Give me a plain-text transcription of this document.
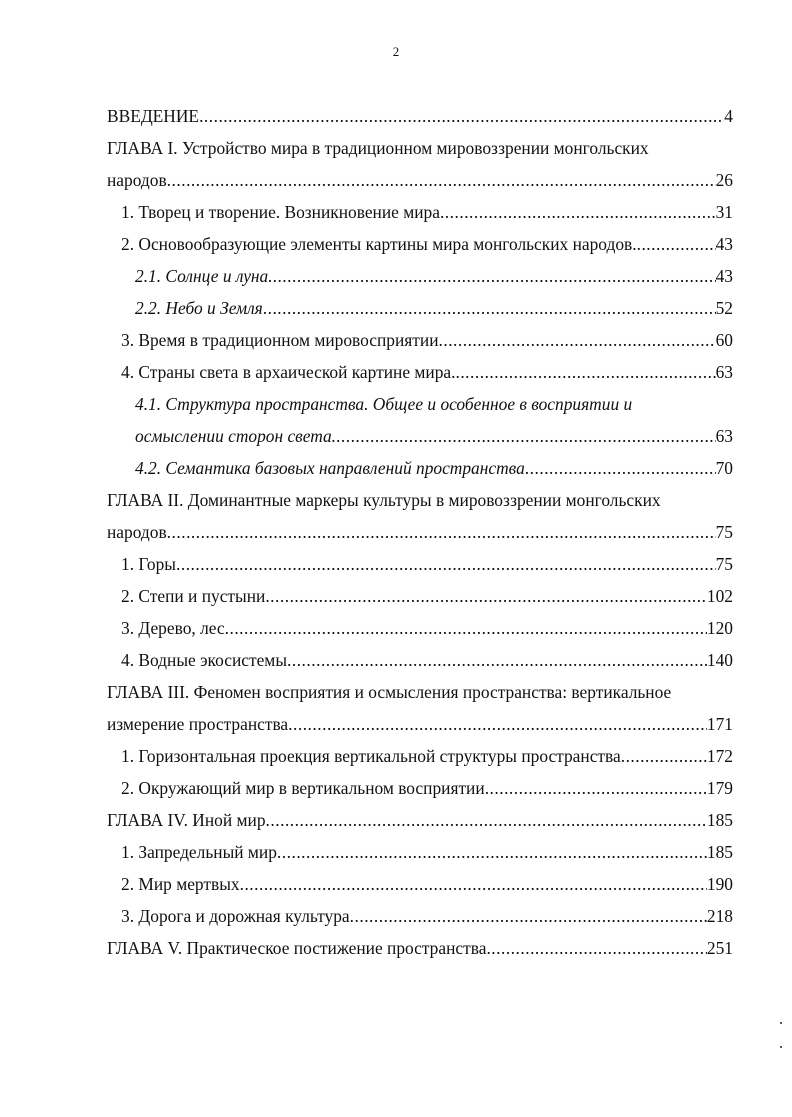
2
ВВЕДЕНИЕ .....	4
ГЛАВА I. Устройство мира в традиционном мировоззрении монгольских
народов .....	26
1. Творец и творение. Возникновение мира .....	31
2. Основообразующие элементы картины мира монгольских народов. .....	43
2.1. Солнце и луна. .....	43
2.2. Небо и Земля .....	52
3. Время в традиционном мировосприятии .....	60
4. Страны света в архаической картине мира. .....	63
4.1. Структура пространства. Общее и особенное в восприятии и
осмыслении сторон света. .....	63
4.2. Семантика базовых направлений пространства .....	70
ГЛАВА II. Доминантные маркеры культуры в мировоззрении монгольских
народов .....	75
1. Горы .....	75
2. Степи и пустыни .....	102
3. Дерево, лес .....	120
4. Водные экосистемы .....	140
ГЛАВА III. Феномен восприятия и осмысления пространства: вертикальное
измерение пространства .....	171
1. Горизонтальная проекция вертикальной структуры пространства .....	172
2. Окружающий мир в вертикальном восприятии .....	179
ГЛАВА IV. Иной мир .....	185
1. Запредельный мир .....	185
2. Мир мертвых .....	190
3. Дорога и дорожная культура .....	218
ГЛАВА V. Практическое постижение пространства .....	251
